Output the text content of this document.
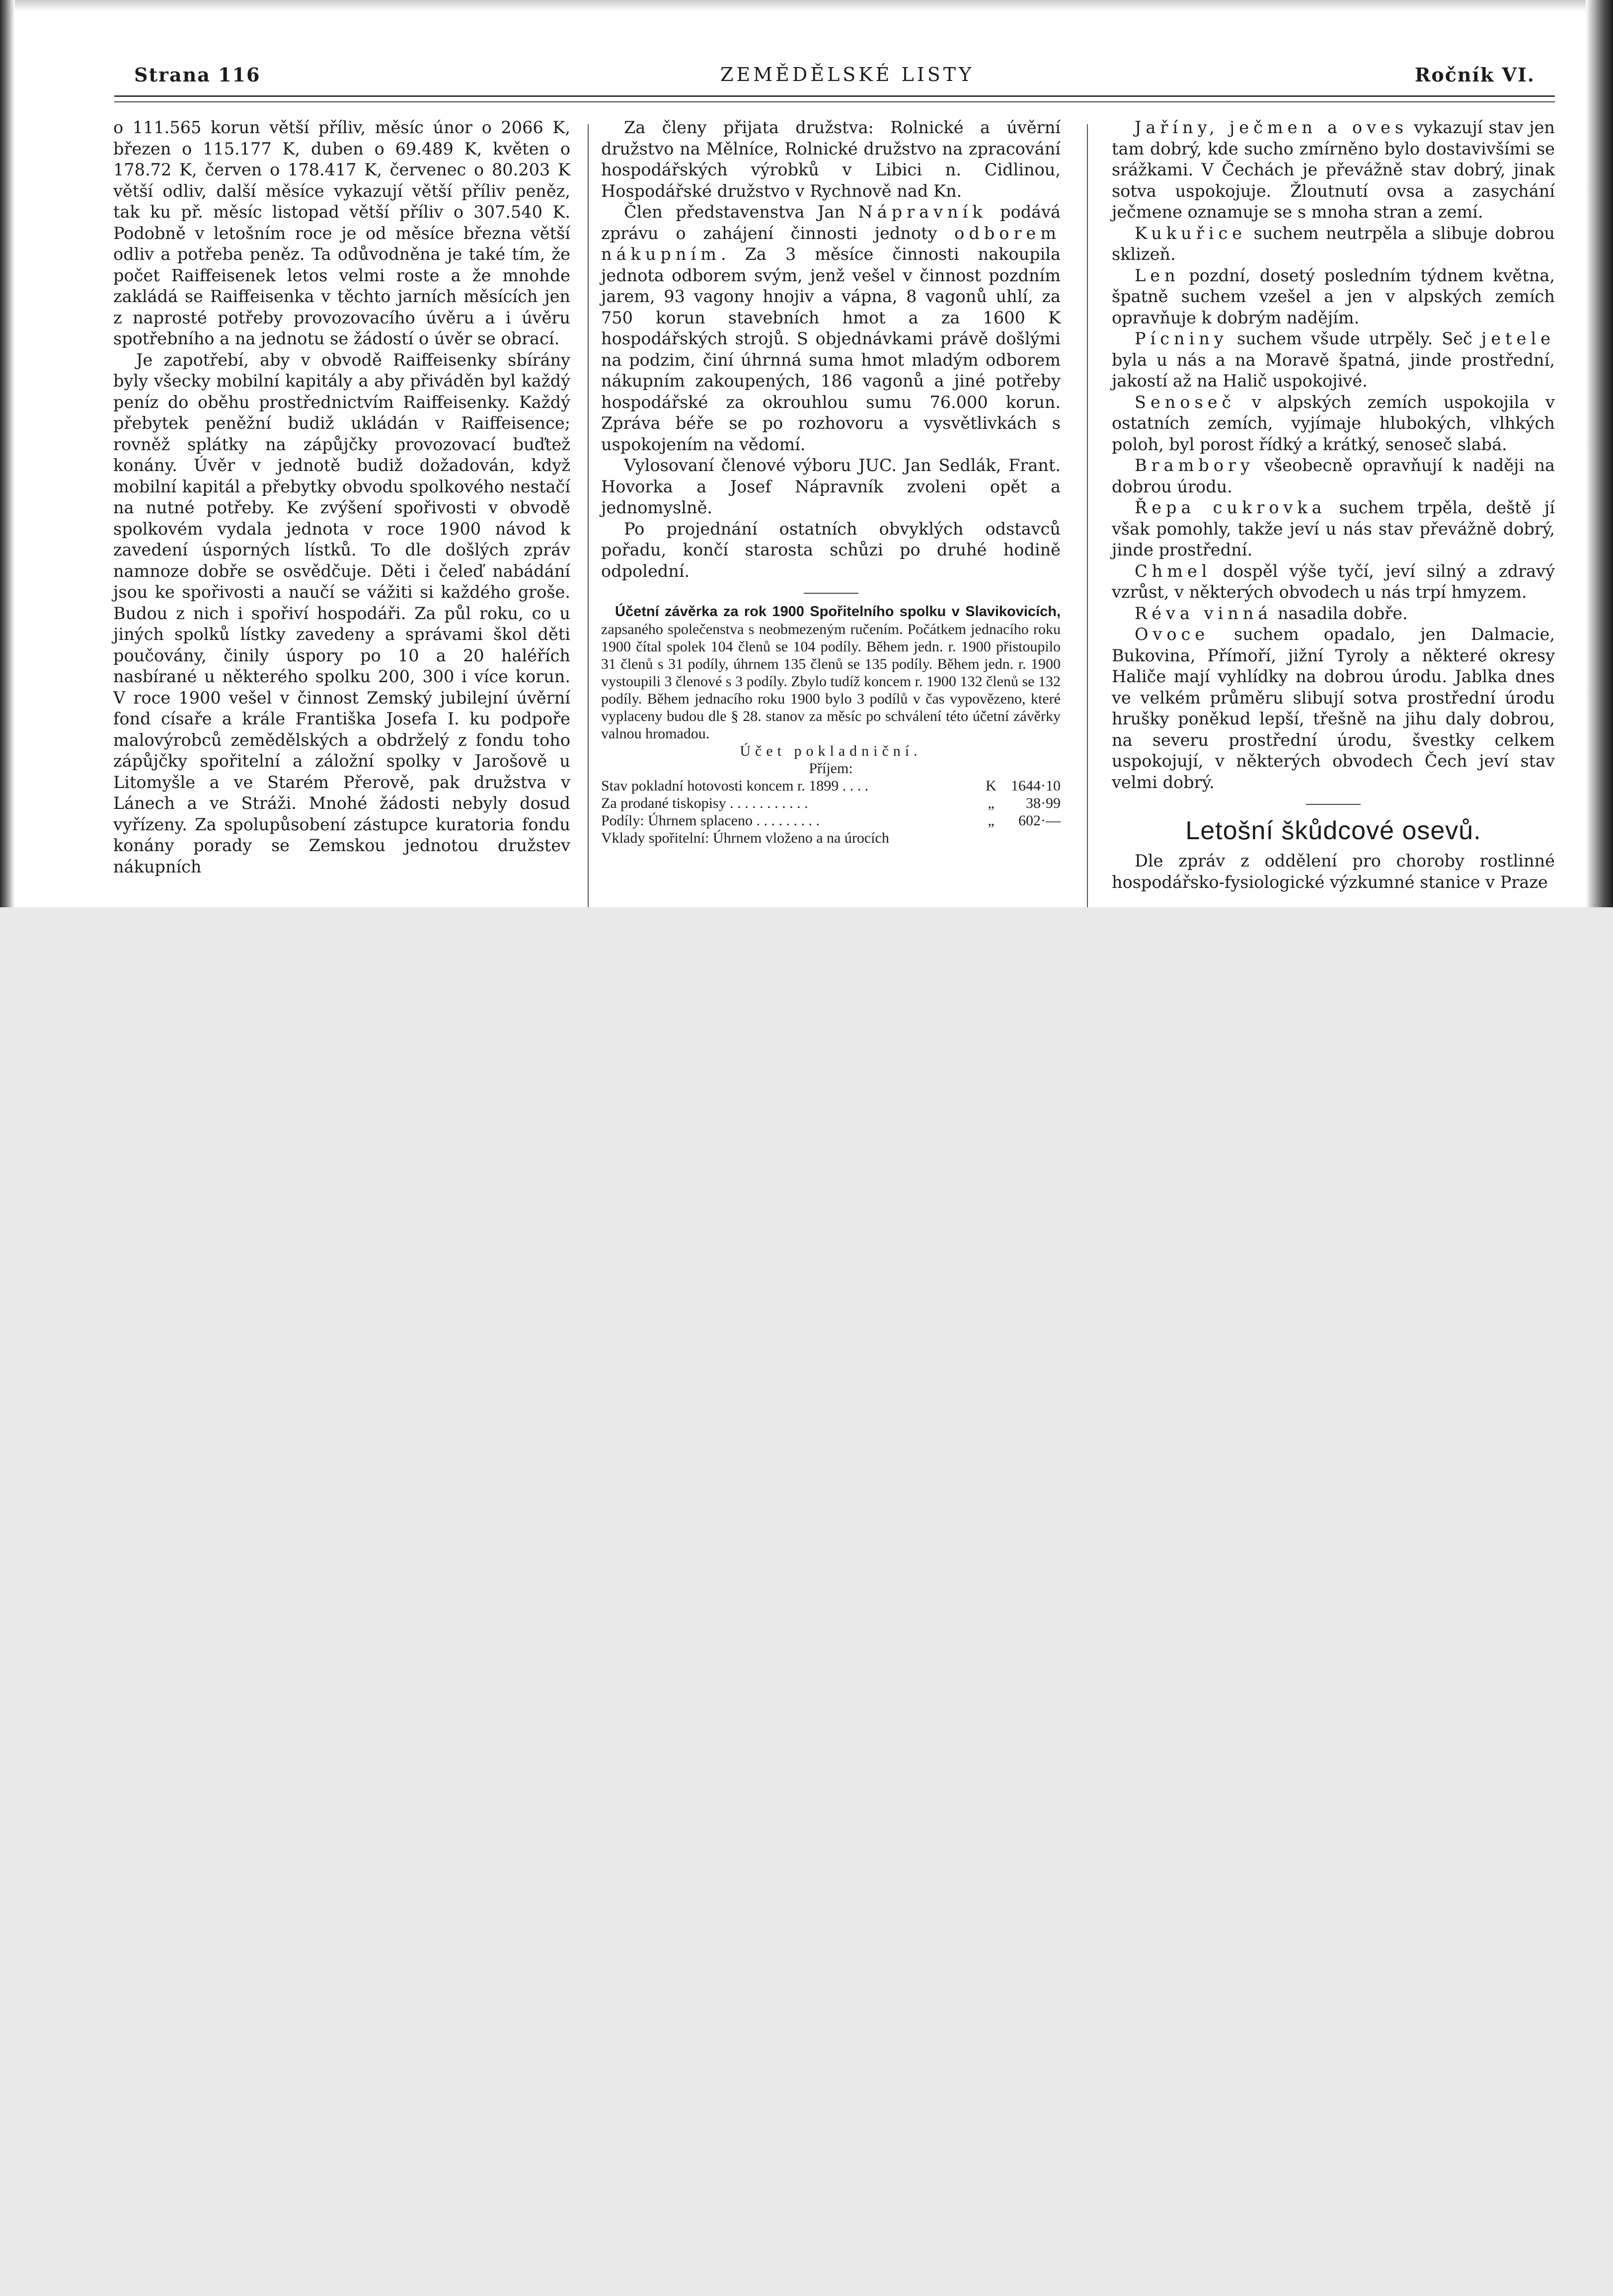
Strana 116	ZEMĚDĚLSKÉ LISTY	Ročník VI.

o 111.565 korun větší příliv, měsíc únor o 2066 K, březen o 115.177 K, duben o 69.489 K, květen o 178.72 K, červen o 178.417 K, červenec o 80.203 K větší odliv, další měsíce vykazují větší příliv peněz, tak ku př. měsíc listopad větší příliv o 307.540 K. Podobně v letošním roce je od měsíce března větší odliv a potřeba peněz. Ta odůvodněna je také tím, že počet Raiffeisenek letos velmi roste a že mnohde zakládá se Raiffeisenka v těchto jarních měsících jen z naprosté potřeby provozovacího úvěru a i úvěru spotřebního a na jednotu se žádostí o úvěr se obrací.

Je zapotřebí, aby v obvodě Raiffeisenky sbírány byly všecky mobilní kapitály a aby přiváděn byl každý peníz do oběhu prostřednictvím Raiffeisenky. Každý přebytek peněžní budiž ukládán v Raiffeisence; rovněž splátky na zápůjčky provozovací buďtež konány. Úvěr v jednotě budiž dožadován, když mobilní kapitál a přebytky obvodu spolkového nestačí na nutné potřeby. Ke zvýšení spořivosti v obvodě spolkovém vydala jednota v roce 1900 návod k zavedení úsporných lístků. To dle došlých zpráv namnoze dobře se osvědčuje. Děti i čeleď nabádání jsou ke spořivosti a naučí se vážiti si každého groše. Budou z nich i spořiví hospodáři. Za půl roku, co u jiných spolků lístky zavedeny a správami škol děti poučovány, činily úspory po 10 a 20 haléřích nasbírané u některého spolku 200, 300 i více korun. V roce 1900 vešel v činnost Zemský jubilejní úvěrní fond císaře a krále Františka Josefa I. ku podpoře malovýrobců zemědělských a obdrželý z fondu toho zápůjčky spořitelní a záložní spolky v Jarošově u Litomyšle a ve Starém Přerově, pak družstva v Lánech a ve Stráži. Mnohé žádosti nebyly dosud vyřízeny. Za spolupůsobení zástupce kuratoria fondu konány porady se Zemskou jednotou družstev nákupních

Za členy přijata družstva: Rolnické a úvěrní družstvo na Mělníce, Rolnické družstvo na zpracování hospodářských výrobků v Libici n. Cidlinou, Hospodářské družstvo v Rychnově nad Kn.

Člen představenstva Jan Nápravník podává zprávu o zahájení činnosti jednoty odborem nákupním. Za 3 měsíce činnosti nakoupila jednota odborem svým, jenž vešel v činnost pozdním jarem, 93 vagony hnojiv a vápna, 8 vagonů uhlí, za 750 korun stavebních hmot a za 1600 K hospodářských strojů. S objednávkami právě došlými na podzim, činí úhrnná suma hmot mladým odborem nákupním zakoupených, 186 vagonů a jiné potřeby hospodářské za okrouhlou sumu 76.000 korun. Zpráva béře se po rozhovoru a vysvětlivkách s uspokojením na vědomí.

Vylosovaní členové výboru JUC. Jan Sedlák, Frant. Hovorka a Josef Nápravník zvoleni opět a jednomyslně.

Po projednání ostatních obvyklých odstavců pořadu, končí starosta schůzi po druhé hodině odpolední.

Účetní závěrka za rok 1900 Spořitelního spolku v Slavikovicích, zapsaného společenstva s neobmezeným ručením. Počátkem jednacího roku 1900 čítal spolek 104 členů se 104 podíly. Během jedn. r. 1900 přistoupilo 31 členů s 31 podíly, úhrnem 135 členů se 135 podíly. Během jedn. r. 1900 vystoupili 3 členové s 3 podíly. Zbylo tudíž koncem r. 1900 132 členů se 132 podíly. Během jednacího roku 1900 bylo 3 podílů v čas vypovězeno, které vyplaceny budou dle § 28. stanov za měsíc po schválení této účetní závěrky valnou hromadou.

Účet pokladniční.

Příjem:

Stav pokladní hotovosti koncem r. 1899 . . . .	K 1644·10
Za prodané tiskopisy . . . . . . . . . . .	„	38·99
Podíly: Úhrnem splaceno . . . . . . . . .	„	602·—
Vklady spořitelní: Úhrnem vloženo a na úrocích

Jaříny, ječmen a oves vykazují stav jen tam dobrý, kde sucho zmírněno bylo dostavivšími se srážkami. V Čechách je převážně stav dobrý, jinak sotva uspokojuje. Žloutnutí ovsa a zasychání ječmene oznamuje se s mnoha stran a zemí.

Kukuřice suchem neutrpěla a slibuje dobrou sklizeň.

Len pozdní, dosetý posledním týdnem května, špatně suchem vzešel a jen v alpských zemích opravňuje k dobrým nadějím.

Pícniny suchem všude utrpěly. Seč jetele byla u nás a na Moravě špatná, jinde prostřední, jakostí až na Halič uspokojivé.

Senoseč v alpských zemích uspokojila v ostatních zemích, vyjímaje hlubokých, vlhkých poloh, byl porost řídký a krátký, senoseč slabá.

Brambory všeobecně opravňují k naději na dobrou úrodu.

Řepa cukrovka suchem trpěla, deště jí však pomohly, takže jeví u nás stav převážně dobrý, jinde prostřední.

Chmel dospěl výše tyčí, jeví silný a zdravý vzrůst, v některých obvodech u nás trpí hmyzem.

Réva vinná nasadila dobře.

Ovoce suchem opadalo, jen Dalmacie, Bukovina, Přímoří, jižní Tyroly a některé okresy Haliče mají vyhlídky na dobrou úrodu. Jablka dnes ve velkém průměru slibují sotva prostřední úrodu hrušky poněkud lepší, třešně na jihu daly dobrou, na severu prostřední úrodu, švestky celkem uspokojují, v některých obvodech Čech jeví stav velmi dobrý.

Letošní škůdcové osevů.

Dle zpráv z oddělení pro choroby rostlinné hospodářsko-fysiologické výzkumné stanice v Praze
